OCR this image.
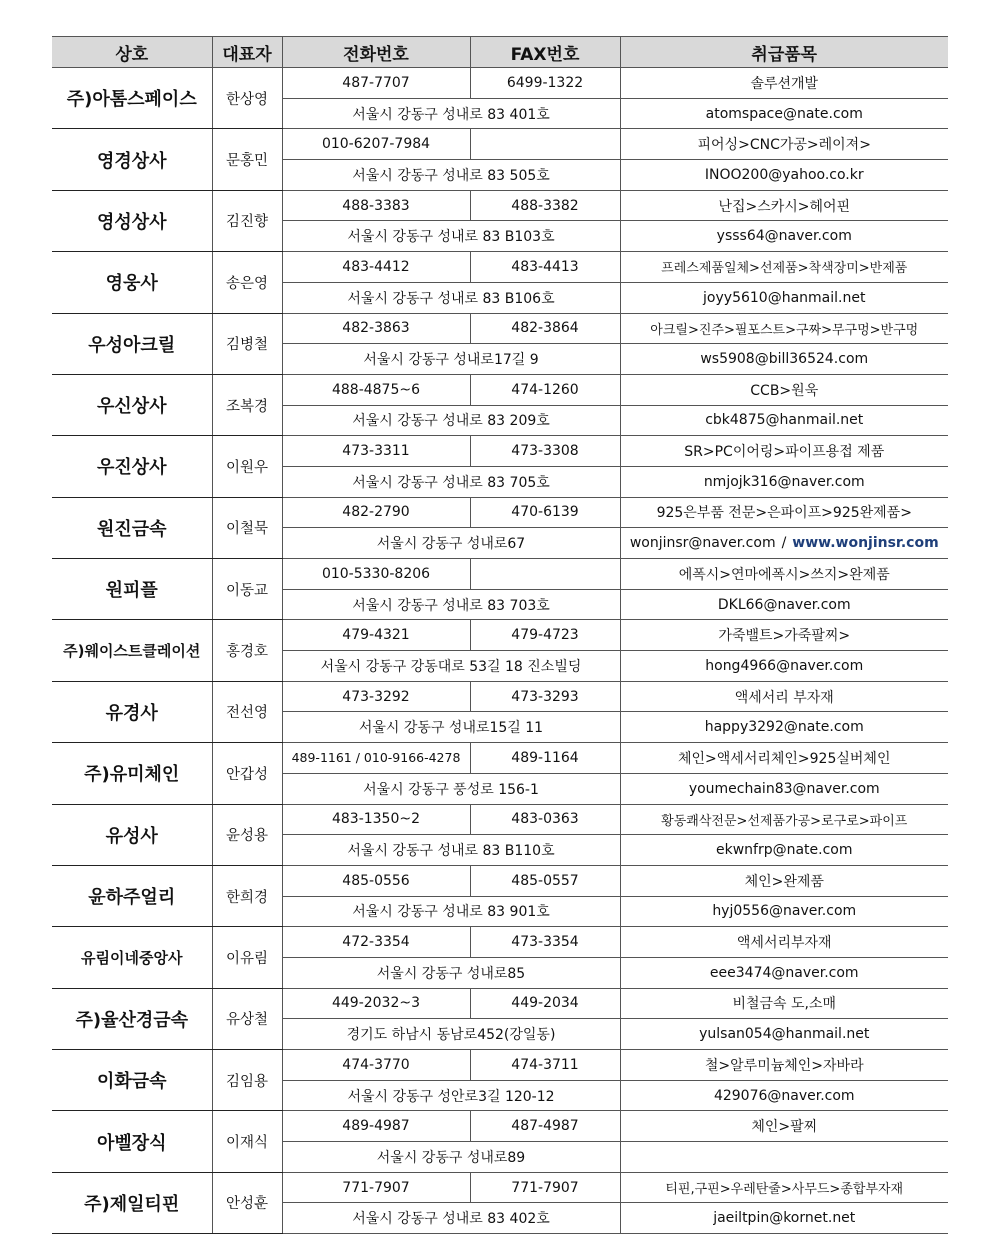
상호	대표자	전화번호	FAX번호	취급품목
주)아톰스페이스	한상영	487-7707	6499-1322	솔루션개발
		서울시 강동구 성내로 83 401호		atomspace@nate.com
영경상사	문홍민	010-6207-7984		피어싱>CNC가공>레이져>
		서울시 강동구 성내로 83 505호		INOO200@yahoo.co.kr
영성상사	김진향	488-3383	488-3382	난집>스카시>헤어핀
		서울시 강동구 성내로 83 B103호		ysss64@naver.com
영웅사	송은영	483-4412	483-4413	프레스제품일체>선제품>착색장미>반제품
		서울시 강동구 성내로 83 B106호		joyy5610@hanmail.net
우성아크릴	김병철	482-3863	482-3864	아크릴>진주>필포스트>구짜>무구멍>반구멍
		서울시 강동구 성내로17길 9		ws5908@bill36524.com
우신상사	조복경	488-4875~6	474-1260	CCB>원욱
		서울시 강동구 성내로 83 209호		cbk4875@hanmail.net
우진상사	이원우	473-3311	473-3308	SR>PC이어링>파이프용접 제품
		서울시 강동구 성내로 83 705호		nmjojk316@naver.com
원진금속	이철묵	482-2790	470-6139	925은부품 전문>은파이프>925완제품>
		서울시 강동구 성내로67		wonjinsr@naver.com / www.wonjinsr.com
원피플	이동교	010-5330-8206		에폭시>연마에폭시>쓰지>완제품
		서울시 강동구 성내로 83 703호		DKL66@naver.com
주)웨이스트클레이션	홍경호	479-4321	479-4723	가죽밸트>가죽팔찌>
		서울시 강동구 강동대로 53길 18 진소빌딩		hong4966@naver.com
유경사	전선영	473-3292	473-3293	액세서리 부자재
		서울시 강동구 성내로15길 11		happy3292@nate.com
주)유미체인	안갑성	489-1161 / 010-9166-4278	489-1164	체인>액세서리체인>925실버체인
		서울시 강동구 풍성로 156-1		youmechain83@naver.com
유성사	윤성용	483-1350~2	483-0363	황동쾌삭전문>선제품가공>로구로>파이프
		서울시 강동구 성내로 83 B110호		ekwnfrp@nate.com
윤하주얼리	한희경	485-0556	485-0557	체인>완제품
		서울시 강동구 성내로 83 901호		hyj0556@naver.com
유림이네중앙사	이유림	472-3354	473-3354	액세서리부자재
		서울시 강동구 성내로85		eee3474@naver.com
주)율산경금속	유상철	449-2032~3	449-2034	비철금속 도,소매
		경기도 하남시 동남로452(강일동)		yulsan054@hanmail.net
이화금속	김임용	474-3770	474-3711	철>알루미늄체인>자바라
		서울시 강동구 성안로3길 120-12		429076@naver.com
아벨장식	이재식	489-4987	487-4987	체인>팔찌
		서울시 강동구 성내로89		
주)제일티핀	안성훈	771-7907	771-7907	티핀,구핀>우레탄줄>사무드>종합부자재
		서울시 강동구 성내로 83 402호		jaeiltpin@kornet.net
